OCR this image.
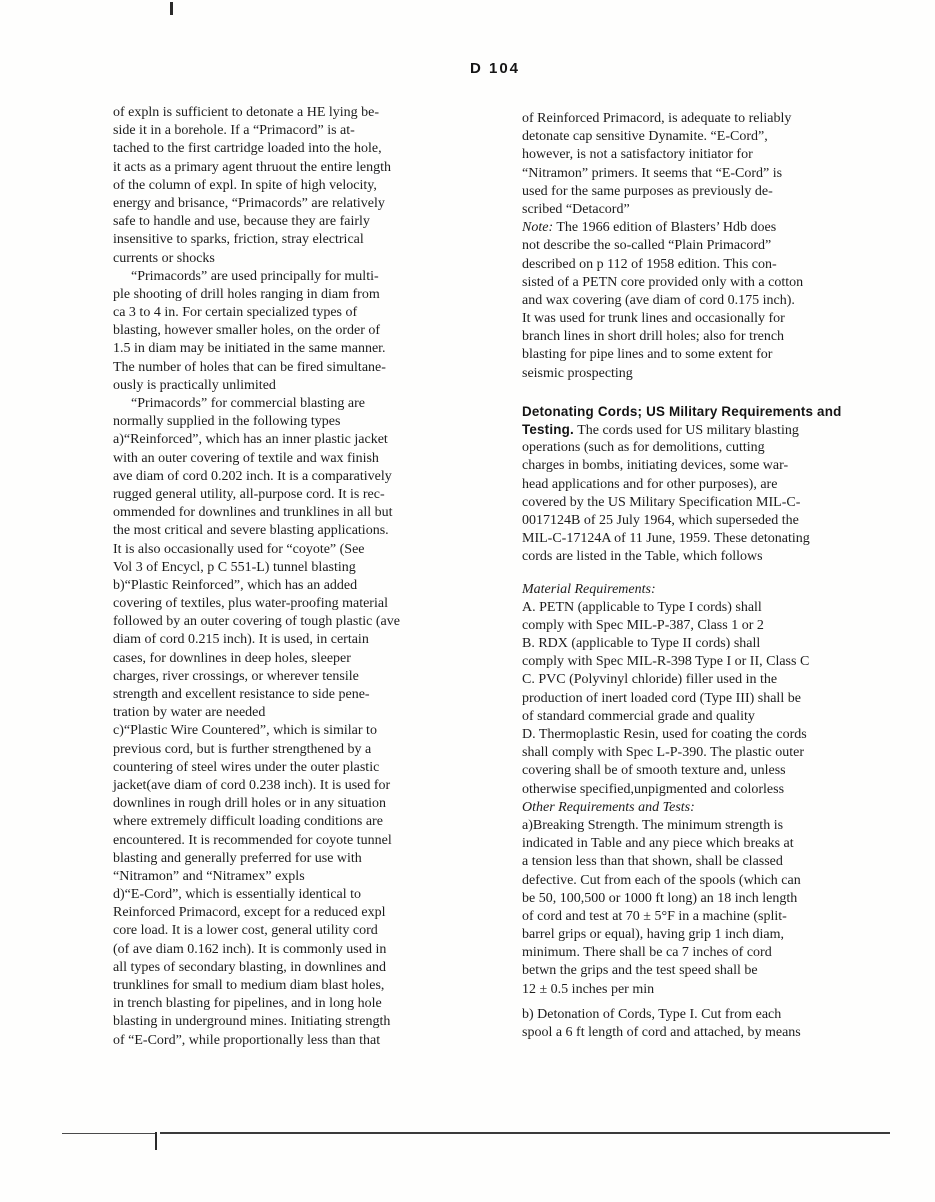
D 104
of expln is sufficient to detonate a HE lying be-
side it in a borehole. If a “Primacord” is at-
tached to the first cartridge loaded into the hole,
it acts as a primary agent thruout the entire length
of the column of expl. In spite of high velocity,
energy and brisance, “Primacords” are relatively
safe to handle and use, because they are fairly
insensitive to sparks, friction, stray electrical
currents or shocks
“Primacords” are used principally for multi-
ple shooting of drill holes ranging in diam from
ca 3 to 4 in. For certain specialized types of
blasting, however smaller holes, on the order of
1.5 in diam may be initiated in the same manner.
The number of holes that can be fired simultane-
ously is practically unlimited
“Primacords” for commercial blasting are
normally supplied in the following types
a)“Reinforced”, which has an inner plastic jacket
with an outer covering of textile and wax finish
ave diam of cord 0.202 inch. It is a comparatively
rugged general utility, all-purpose cord. It is rec-
ommended for downlines and trunklines in all but
the most critical and severe blasting applications.
It is also occasionally used for “coyote” (See
Vol 3 of Encycl, p C 551-L) tunnel blasting
b)“Plastic Reinforced”, which has an added
covering of textiles, plus water-proofing material
followed by an outer covering of tough plastic (ave
diam of cord 0.215 inch). It is used, in certain
cases, for downlines in deep holes, sleeper
charges, river crossings, or wherever tensile
strength and excellent resistance to side pene-
tration by water are needed
c)“Plastic Wire Countered”, which is similar to
previous cord, but is further strengthened by a
countering of steel wires under the outer plastic
jacket(ave diam of cord 0.238 inch). It is used for
downlines in rough drill holes or in any situation
where extremely difficult loading conditions are
encountered. It is recommended for coyote tunnel
blasting and generally preferred for use with
“Nitramon” and “Nitramex” expls
d)“E-Cord”, which is essentially identical to
Reinforced Primacord, except for a reduced expl
core load. It is a lower cost, general utility cord
(of ave diam 0.162 inch). It is commonly used in
all types of secondary blasting, in downlines and
trunklines for small to medium diam blast holes,
in trench blasting for pipelines, and in long hole
blasting in underground mines. Initiating strength
of “E-Cord”, while proportionally less than that
of Reinforced Primacord, is adequate to reliably
detonate cap sensitive Dynamite. “E-Cord”,
however, is not a satisfactory initiator for
“Nitramon” primers. It seems that “E-Cord” is
used for the same purposes as previously de-
scribed “Detacord”
Note: The 1966 edition of Blasters’ Hdb does
not describe the so-called “Plain Primacord”
described on p 112 of 1958 edition. This con-
sisted of a PETN core provided only with a cotton
and wax covering (ave diam of cord 0.175 inch).
It was used for trunk lines and occasionally for
branch lines in short drill holes; also for trench
blasting for pipe lines and to some extent for
seismic prospecting
Detonating Cords; US Military Requirements and
Testing. The cords used for US military blasting
operations (such as for demolitions, cutting
charges in bombs, initiating devices, some war-
head applications and for other purposes), are
covered by the US Military Specification MIL-C-
0017124B of 25 July 1964, which superseded the
MIL-C-17124A of 11 June, 1959. These detonating
cords are listed in the Table, which follows
Material Requirements:
A. PETN (applicable to Type I cords) shall
comply with Spec MIL-P-387, Class 1 or 2
B. RDX (applicable to Type II cords) shall
comply with Spec MIL-R-398 Type I or II, Class C
C. PVC (Polyvinyl chloride) filler used in the
production of inert loaded cord (Type III) shall be
of standard commercial grade and quality
D. Thermoplastic Resin, used for coating the cords
shall comply with Spec L-P-390. The plastic outer
covering shall be of smooth texture and, unless
otherwise specified,unpigmented and colorless
Other Requirements and Tests:
a)Breaking Strength. The minimum strength is
indicated in Table and any piece which breaks at
a tension less than that shown, shall be classed
defective. Cut from each of the spools (which can
be 50, 100,500 or 1000 ft long) an 18 inch length
of cord and test at 70 ± 5°F in a machine (split-
barrel grips or equal), having grip 1 inch diam,
minimum. There shall be ca 7 inches of cord
betwn the grips and the test speed shall be
12 ± 0.5 inches per min
b) Detonation of Cords, Type I. Cut from each
spool a 6 ft length of cord and attached, by means
